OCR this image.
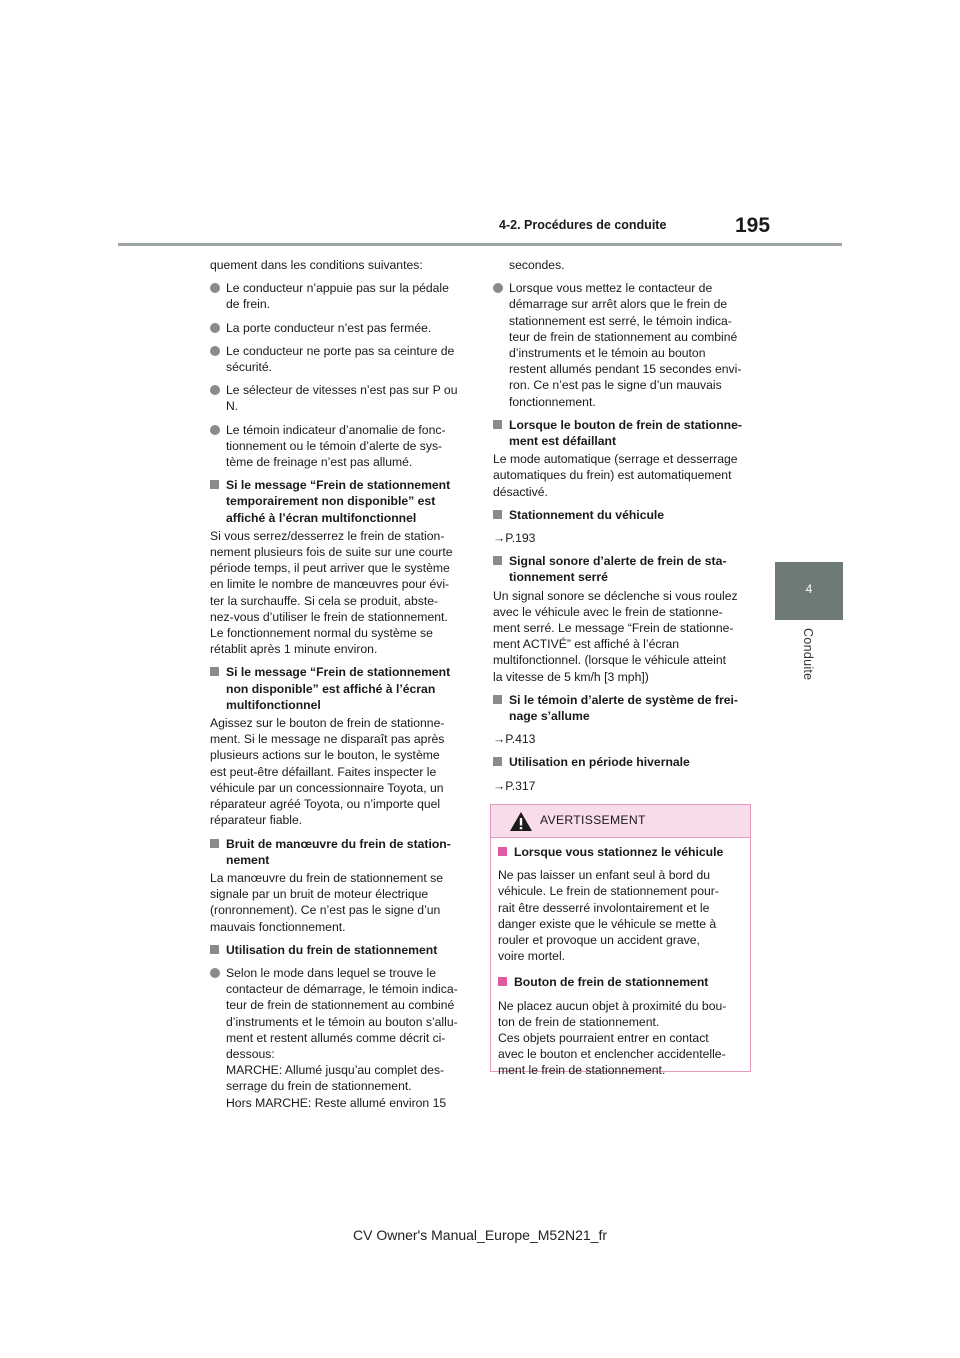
4-2. Procédures de conduite	195
4
Conduite

quement dans les conditions suivantes:

Le conducteur n’appuie pas sur la pédale
de frein.

La porte conducteur n’est pas fermée.

Le conducteur ne porte pas sa ceinture de
sécurité.

Le sélecteur de vitesses n’est pas sur P ou
N.

Le témoin indicateur d’anomalie de fonc-
tionnement ou le témoin d’alerte de sys-
tème de freinage n’est pas allumé.

Si le message “Frein de stationnement
temporairement non disponible” est
affiché à l’écran multifonctionnel

Si vous serrez/desserrez le frein de station-
nement plusieurs fois de suite sur une courte
période temps, il peut arriver que le système
en limite le nombre de manœuvres pour évi-
ter la surchauffe. Si cela se produit, abste-
nez-vous d’utiliser le frein de stationnement.
Le fonctionnement normal du système se
rétablit après 1 minute environ.

Si le message “Frein de stationnement
non disponible” est affiché à l’écran
multifonctionnel

Agissez sur le bouton de frein de stationne-
ment. Si le message ne disparaît pas après
plusieurs actions sur le bouton, le système
est peut-être défaillant. Faites inspecter le
véhicule par un concessionnaire Toyota, un
réparateur agréé Toyota, ou n’importe quel
réparateur fiable.

Bruit de manœuvre du frein de station-
nement

La manœuvre du frein de stationnement se
signale par un bruit de moteur électrique
(ronronnement). Ce n’est pas le signe d’un
mauvais fonctionnement.

Utilisation du frein de stationnement

Selon le mode dans lequel se trouve le
contacteur de démarrage, le témoin indica-
teur de frein de stationnement au combiné
d’instruments et le témoin au bouton s’allu-
ment et restent allumés comme décrit ci-
dessous:
MARCHE: Allumé jusqu’au complet des-
serrage du frein de stationnement.
Hors MARCHE: Reste allumé environ 15

secondes.

Lorsque vous mettez le contacteur de
démarrage sur arrêt alors que le frein de
stationnement est serré, le témoin indica-
teur de frein de stationnement au combiné
d’instruments et le témoin au bouton
restent allumés pendant 15 secondes envi-
ron. Ce n’est pas le signe d’un mauvais
fonctionnement.

Lorsque le bouton de frein de stationne-
ment est défaillant

Le mode automatique (serrage et desserrage
automatiques du frein) est automatiquement
désactivé.

Stationnement du véhicule

→P.193

Signal sonore d’alerte de frein de sta-
tionnement serré

Un signal sonore se déclenche si vous roulez
avec le véhicule avec le frein de stationne-
ment serré. Le message “Frein de stationne-
ment ACTIVÉ” est affiché à l’écran
multifonctionnel. (lorsque le véhicule atteint
la vitesse de 5 km/h [3 mph])

Si le témoin d’alerte de système de frei-
nage s’allume

→P.413

Utilisation en période hivernale

→P.317

AVERTISSEMENT

Lorsque vous stationnez le véhicule

Ne pas laisser un enfant seul à bord du
véhicule. Le frein de stationnement pour-
rait être desserré involontairement et le
danger existe que le véhicule se mette à
rouler et provoque un accident grave,
voire mortel.

Bouton de frein de stationnement

Ne placez aucun objet à proximité du bou-
ton de frein de stationnement.
Ces objets pourraient entrer en contact
avec le bouton et enclencher accidentelle-
ment le frein de stationnement.

CV Owner's Manual_Europe_M52N21_fr
